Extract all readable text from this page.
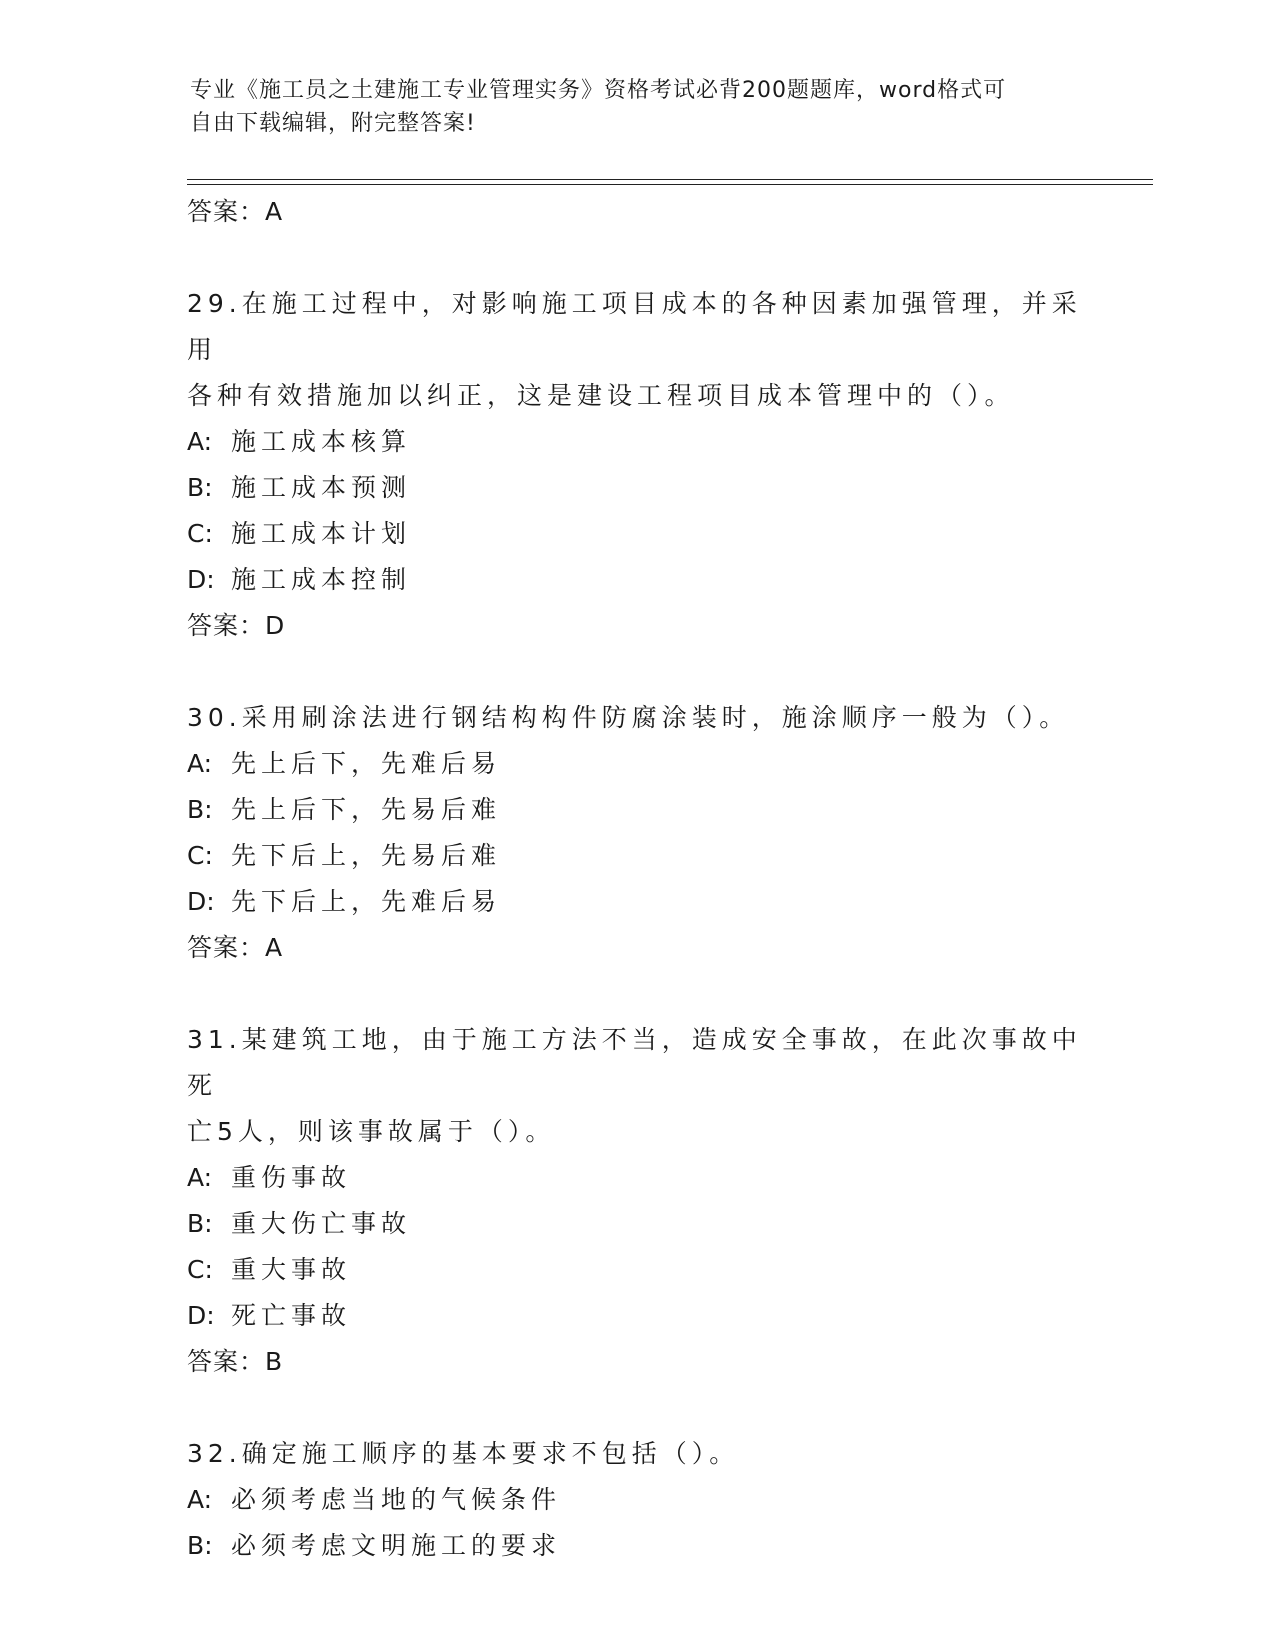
专业《施工员之土建施工专业管理实务》资格考试必背200题题库，word格式可
自由下载编辑，附完整答案!
答案：A
29.在施工过程中，对影响施工项目成本的各种因素加强管理，并采用
各种有效措施加以纠正，这是建设工程项目成本管理中的（）。
A: 施工成本核算
B: 施工成本预测
C: 施工成本计划
D: 施工成本控制
答案：D
30.采用刷涂法进行钢结构构件防腐涂装时，施涂顺序一般为（）。
A: 先上后下，先难后易
B: 先上后下，先易后难
C: 先下后上，先易后难
D: 先下后上，先难后易
答案：A
31.某建筑工地，由于施工方法不当，造成安全事故，在此次事故中死
亡5人，则该事故属于（）。
A: 重伤事故
B: 重大伤亡事故
C: 重大事故
D: 死亡事故
答案：B
32.确定施工顺序的基本要求不包括（）。
A: 必须考虑当地的气候条件
B: 必须考虑文明施工的要求
